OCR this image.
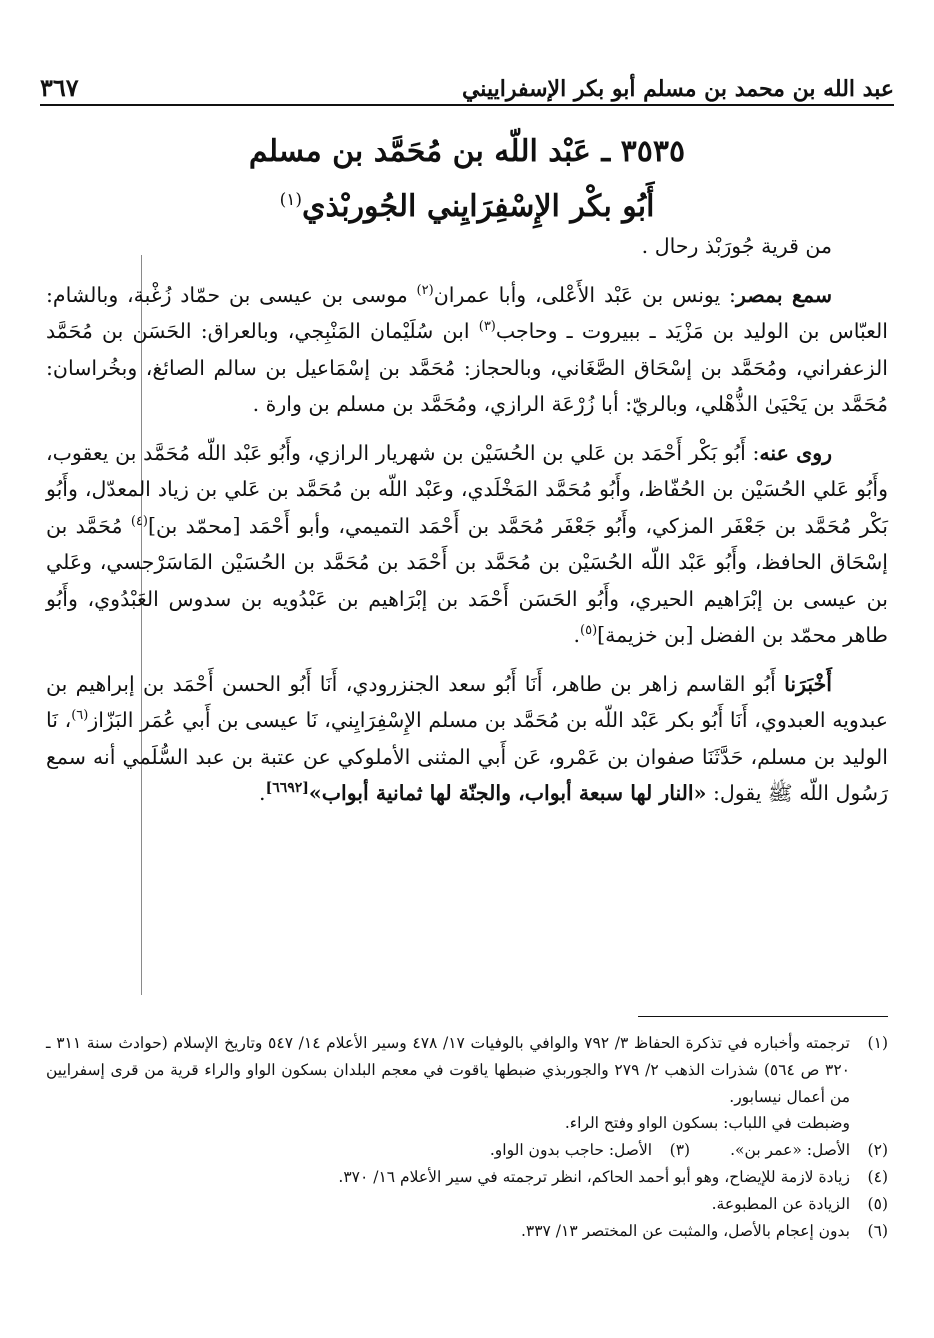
عبد الله بن محمد بن مسلم أبو بكر الإسفراييني
٣٦٧
٣٥٣٥ ـ عَبْد اللّه بن مُحَمَّد بن مسلم
أَبُو بكْر الإِسْفِرَايِني الجُوربْذي$^{(١)}$

من قرية جُورَبْذ رحال .

سمع بمصر: يونس بن عَبْد الأَعْلى، وأبا عمران$^{(٢)}$ موسى بن عيسى بن حمّاد زُغْبة، وبالشام: العبّاس بن الوليد بن مَزْيَد ـ ببيروت ـ وحاجب$^{(٣)}$ ابن سُلَيْمان المَنْبِجي، وبالعراق: الحَسَن بن مُحَمَّد الزعفراني، ومُحَمَّد بن إسْحَاق الصَّغَاني، وبالحجاز: مُحَمَّد بن إسْمَاعيل بن سالم الصائغ، وبخُراسان: مُحَمَّد بن يَحْيَىٰ الذُّهْلي، وبالريّ: أبا زُرْعَة الرازي، ومُحَمَّد بن مسلم بن وارة .

روى عنه: أَبُو بَكْر أَحْمَد بن عَلي بن الحُسَيْن بن شهريار الرازي، وأَبُو عَبْد اللّه مُحَمَّد بن يعقوب، وأَبُو عَلي الحُسَيْن بن الحُفّاظ، وأَبُو مُحَمَّد المَخْلَدي، وعَبْد اللّه بن مُحَمَّد بن عَلي بن زياد المعدّل، وأَبُو بَكْر مُحَمَّد بن جَعْفَر المزكي، وأَبُو جَعْفَر مُحَمَّد بن أَحْمَد التميمي، وأبو أَحْمَد [محمّد بن]$^{(٤)}$ مُحَمَّد بن إسْحَاق الحافظ، وأَبُو عَبْد اللّه الحُسَيْن بن مُحَمَّد بن أَحْمَد بن مُحَمَّد بن الحُسَيْن المَاسَرْجسي، وعَلي بن عيسى بن إبْرَاهيم الحيري، وأَبُو الحَسَن أَحْمَد بن إبْرَاهيم بن عَبْدُويه بن سدوس العَبْدُوي، وأَبُو طاهر محمّد بن الفضل [بن خزيمة]$^{(٥)}$.

أَخْبَرَنا أَبُو القاسم زاهر بن طاهر، أَنَا أَبُو سعد الجنزرودي، أَنَا أَبُو الحسن أَحْمَد بن إبراهيم بن عبدويه العبدوي، أَنَا أَبُو بكر عَبْد اللّه بن مُحَمَّد بن مسلم الإِسْفِرَايِني، نَا عيسى بن أَبي عُمَر البَزّاز$^{(٦)}$، نَا الوليد بن مسلم، حَدَّثَنَا صفوان بن عَمْرو، عَن أَبي المثنى الأملوكي عن عتبة بن عبد السُّلَمي أنه سمع رَسُول اللّه ﷺ يقول: «النار لها سبعة أبواب، والجنّة لها ثمانية أبواب»[٦٦٩٢].

(١)
ترجمته وأخباره في تذكرة الحفاظ ٣/ ٧٩٢ والوافي بالوفيات ١٧/ ٤٧٨ وسير الأعلام ١٤/ ٥٤٧ وتاريخ الإسلام (حوادث سنة ٣١١ ـ ٣٢٠ ص ٥٦٤) شذرات الذهب ٢/ ٢٧٩ والجوربذي ضبطها ياقوت في معجم البلدان بسكون الواو والراء قرية من قرى إسفرايين من أعمال نيسابور.
وضبطت في اللباب: بسكون الواو وفتح الراء.
(٢)
الأصل: «عمر بن».
(٣)
الأصل: حاجب بدون الواو.
(٤)
زيادة لازمة للإيضاح، وهو أبو أحمد الحاكم، انظر ترجمته في سير الأعلام ١٦/ ٣٧٠.
(٥)
الزيادة عن المطبوعة.
(٦)
بدون إعجام بالأصل، والمثبت عن المختصر ١٣/ ٣٣٧.
